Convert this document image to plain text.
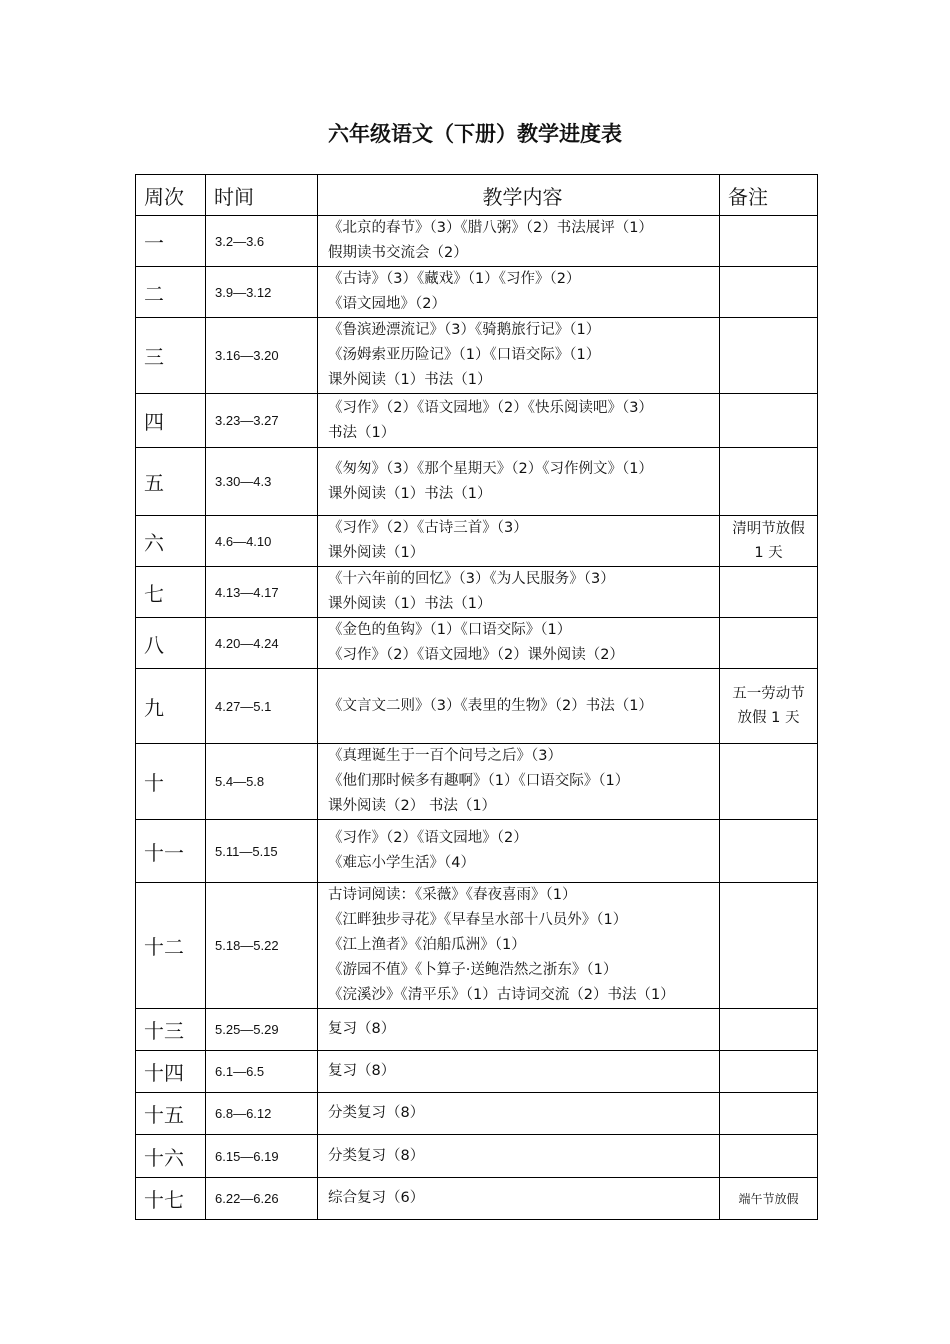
六年级语文（下册）教学进度表
周次	时间	教学内容	备注
一	3.2—3.6	《北京的春节》（3）《腊八粥》（2）书法展评（1）
假期读书交流会（2）	
二	3.9—3.12	《古诗》（3）《藏戏》（1）《习作》（2）
《语文园地》（2）	
三	3.16—3.20	《鲁滨逊漂流记》（3）《骑鹅旅行记》（1）
《汤姆索亚历险记》（1）《口语交际》（1）
课外阅读（1）书法（1）	
四	3.23—3.27	《习作》（2）《语文园地》（2）《快乐阅读吧》（3）
书法（1）	
五	3.30—4.3	《匆匆》（3）《那个星期天》（2）《习作例文》（1）
课外阅读（1）书法（1）	
六	4.6—4.10	《习作》（2）《古诗三首》（3）
课外阅读（1）	清明节放假 1 天
七	4.13—4.17	《十六年前的回忆》（3）《为人民服务》（3）
课外阅读（1）书法（1）	
八	4.20—4.24	《金色的鱼钩》（1）《口语交际》（1）
《习作》（2）《语文园地》（2）课外阅读（2）	
九	4.27—5.1	《文言文二则》（3）《表里的生物》（2）书法（1）	五一劳动节放假 1 天
十	5.4—5.8	《真理诞生于一百个问号之后》（3）
《他们那时候多有趣啊》（1）《口语交际》（1）
课外阅读（2） 书法（1）	
十一	5.11—5.15	《习作》（2）《语文园地》（2）
《难忘小学生活》（4）	
十二	5.18—5.22	古诗词阅读：《采薇》《春夜喜雨》（1）
《江畔独步寻花》《早春呈水部十八员外》（1）
《江上渔者》《泊船瓜洲》（1）
《游园不值》《卜算子·送鲍浩然之浙东》（1）
《浣溪沙》《清平乐》（1）古诗词交流（2）书法（1）	
十三	5.25—5.29	复习（8）	
十四	6.1—6.5	复习（8）	
十五	6.8—6.12	分类复习（8）	
十六	6.15—6.19	分类复习（8）	
十七	6.22—6.26	综合复习（6）	端午节放假
